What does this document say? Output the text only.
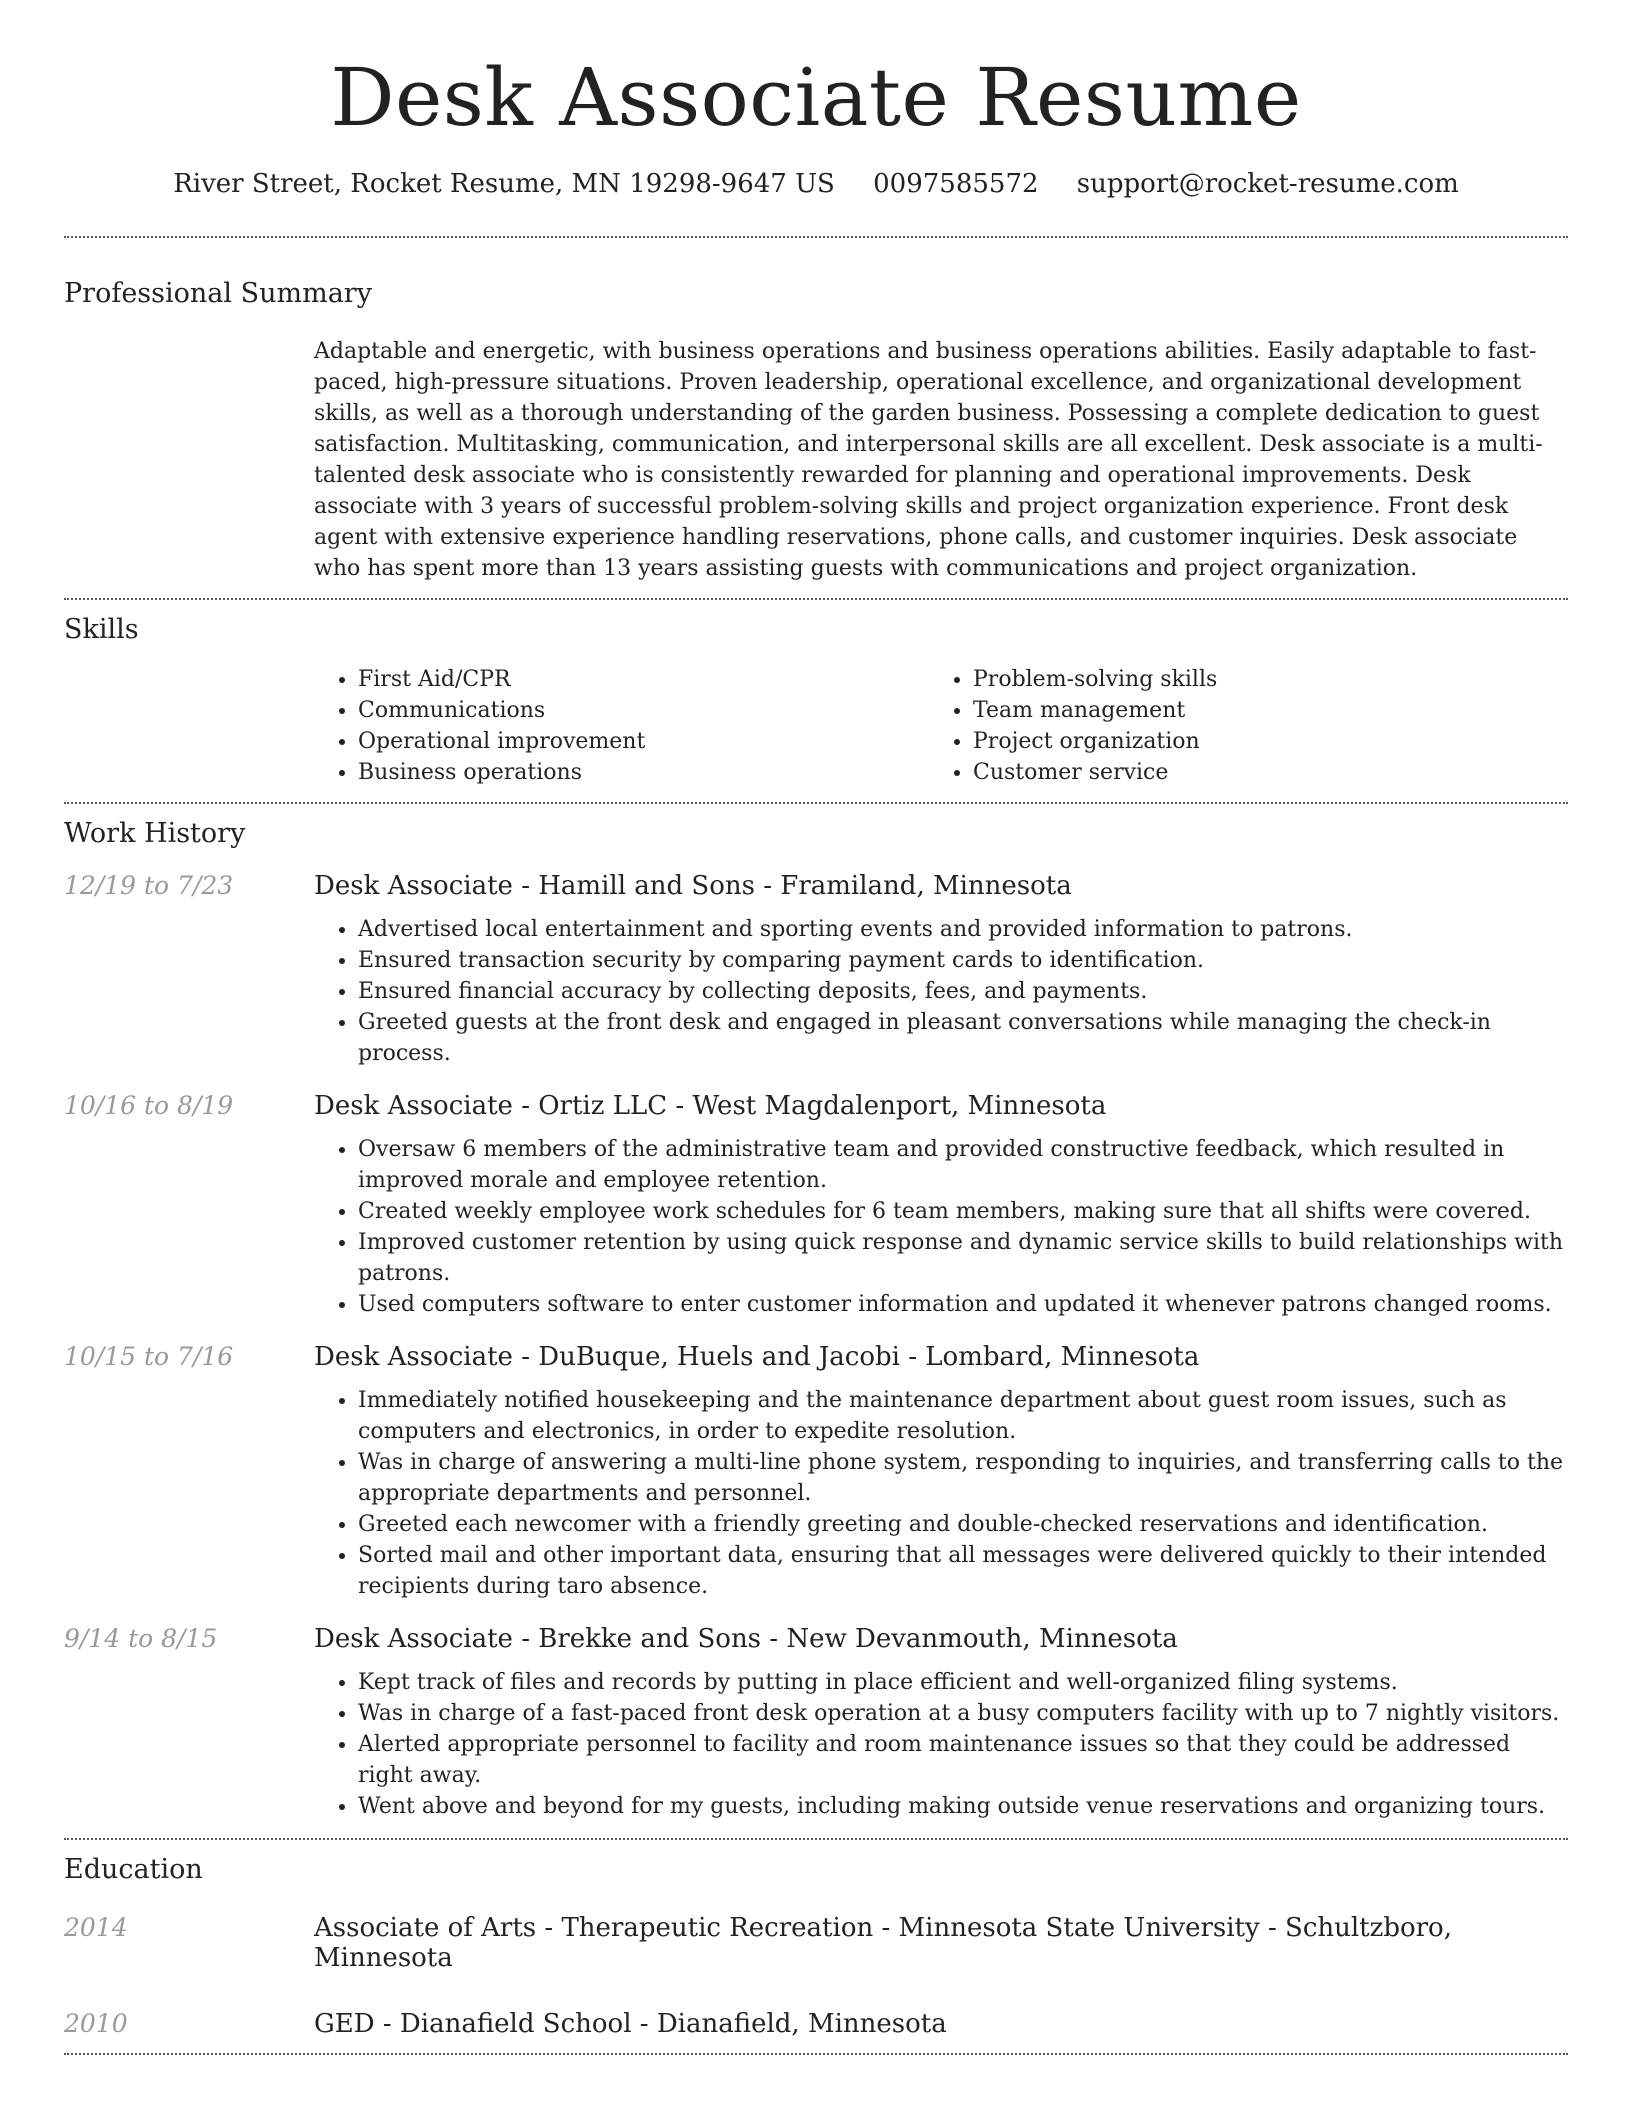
Desk Associate Resume
River Street, Rocket Resume, MN 19298-9647 US 0097585572 support@rocket-resume.com
Professional Summary

Adaptable and energetic, with business operations and business operations abilities. Easily adaptable to fast-paced, high-pressure situations. Proven leadership, operational excellence, and organizational development skills, as well as a thorough understanding of the garden business. Possessing a complete dedication to guest satisfaction. Multitasking, communication, and interpersonal skills are all excellent. Desk associate is a multi-talented desk associate who is consistently rewarded for planning and operational improvements. Desk associate with 3 years of successful problem-solving skills and project organization experience. Front desk agent with extensive experience handling reservations, phone calls, and customer inquiries. Desk associate who has spent more than 13 years assisting guests with communications and project organization.

Skills
• First Aid/CPR
• Communications
• Operational improvement
• Business operations
• Problem-solving skills
• Team management
• Project organization
• Customer service
Work History
12/19 to 7/23	Desk Associate - Hamill and Sons - Framiland, Minnesota
• Advertised local entertainment and sporting events and provided information to patrons.
• Ensured transaction security by comparing payment cards to identification.
• Ensured financial accuracy by collecting deposits, fees, and payments.
• Greeted guests at the front desk and engaged in pleasant conversations while managing the check-in process.
10/16 to 8/19	Desk Associate - Ortiz LLC - West Magdalenport, Minnesota
• Oversaw 6 members of the administrative team and provided constructive feedback, which resulted in improved morale and employee retention.
• Created weekly employee work schedules for 6 team members, making sure that all shifts were covered.
• Improved customer retention by using quick response and dynamic service skills to build relationships with patrons.
• Used computers software to enter customer information and updated it whenever patrons changed rooms.
10/15 to 7/16	Desk Associate - DuBuque, Huels and Jacobi - Lombard, Minnesota
• Immediately notified housekeeping and the maintenance department about guest room issues, such as computers and electronics, in order to expedite resolution.
• Was in charge of answering a multi-line phone system, responding to inquiries, and transferring calls to the appropriate departments and personnel.
• Greeted each newcomer with a friendly greeting and double-checked reservations and identification.
• Sorted mail and other important data, ensuring that all messages were delivered quickly to their intended recipients during taro absence.
9/14 to 8/15	Desk Associate - Brekke and Sons - New Devanmouth, Minnesota
• Kept track of files and records by putting in place efficient and well-organized filing systems.
• Was in charge of a fast-paced front desk operation at a busy computers facility with up to 7 nightly visitors.
• Alerted appropriate personnel to facility and room maintenance issues so that they could be addressed right away.
• Went above and beyond for my guests, including making outside venue reservations and organizing tours.
Education
2014	Associate of Arts - Therapeutic Recreation - Minnesota State University - Schultzboro, Minnesota
2010	GED - Dianafield School - Dianafield, Minnesota
